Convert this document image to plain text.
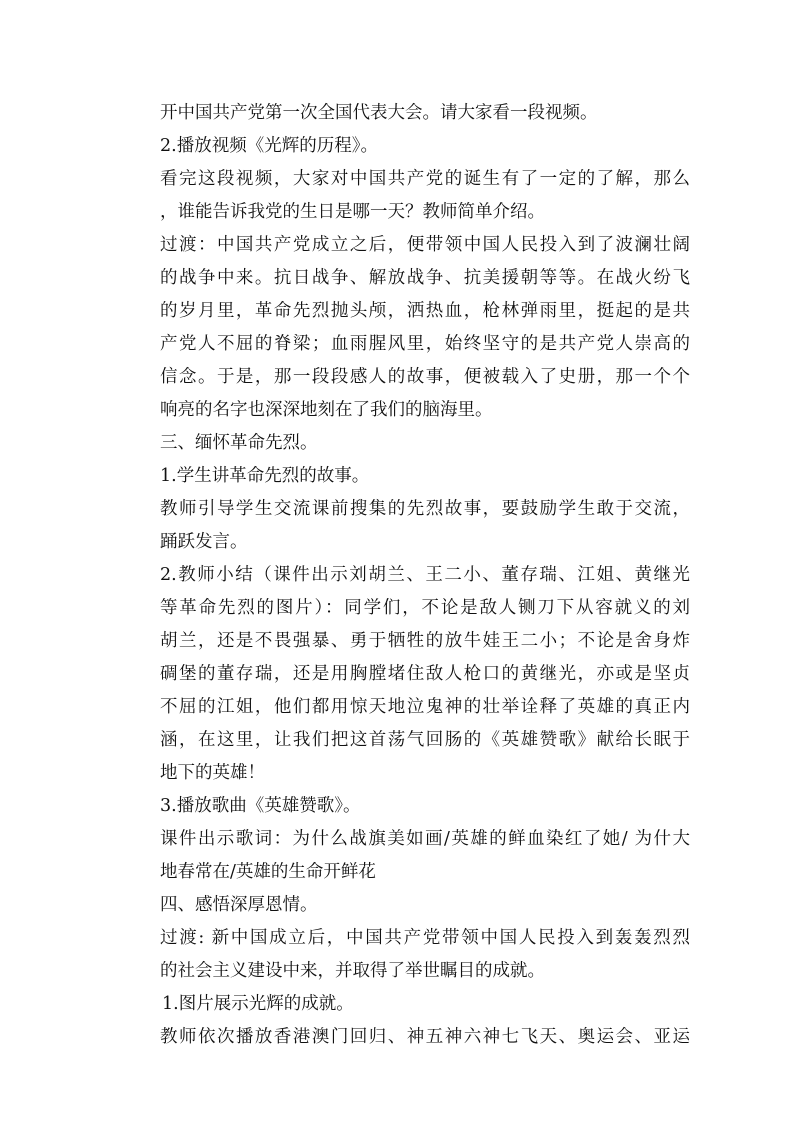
开中国共产党第一次全国代表大会。请大家看一段视频。
2.播放视频《光辉的历程》。
看完这段视频，大家对中国共产党的诞生有了一定的了解，那么
，谁能告诉我党的生日是哪一天？教师简单介绍。
过渡：中国共产党成立之后，便带领中国人民投入到了波澜壮阔
的战争中来。抗日战争、解放战争、抗美援朝等等。在战火纷飞
的岁月里，革命先烈抛头颅，洒热血，枪林弹雨里，挺起的是共
产党人不屈的脊梁；血雨腥风里，始终坚守的是共产党人崇高的
信念。于是，那一段段感人的故事，便被载入了史册，那一个个
响亮的名字也深深地刻在了我们的脑海里。
三、缅怀革命先烈。
1.学生讲革命先烈的故事。
教师引导学生交流课前搜集的先烈故事，要鼓励学生敢于交流，
踊跃发言。
2.教师小结（课件出示刘胡兰、王二小、董存瑞、江姐、黄继光
等革命先烈的图片）：同学们，不论是敌人铡刀下从容就义的刘
胡兰，还是不畏强暴、勇于牺牲的放牛娃王二小；不论是舍身炸
碉堡的董存瑞，还是用胸膛堵住敌人枪口的黄继光，亦或是坚贞
不屈的江姐，他们都用惊天地泣鬼神的壮举诠释了英雄的真正内
涵，在这里，让我们把这首荡气回肠的《英雄赞歌》献给长眠于
地下的英雄！
3.播放歌曲《英雄赞歌》。
课件出示歌词：为什么战旗美如画/英雄的鲜血染红了她/ 为什大
地春常在/英雄的生命开鲜花
四、感悟深厚恩情。
过渡: 新中国成立后，中国共产党带领中国人民投入到轰轰烈烈
的社会主义建设中来，并取得了举世瞩目的成就。
1.图片展示光辉的成就。
教师依次播放香港澳门回归、神五神六神七飞天、奥运会、亚运
